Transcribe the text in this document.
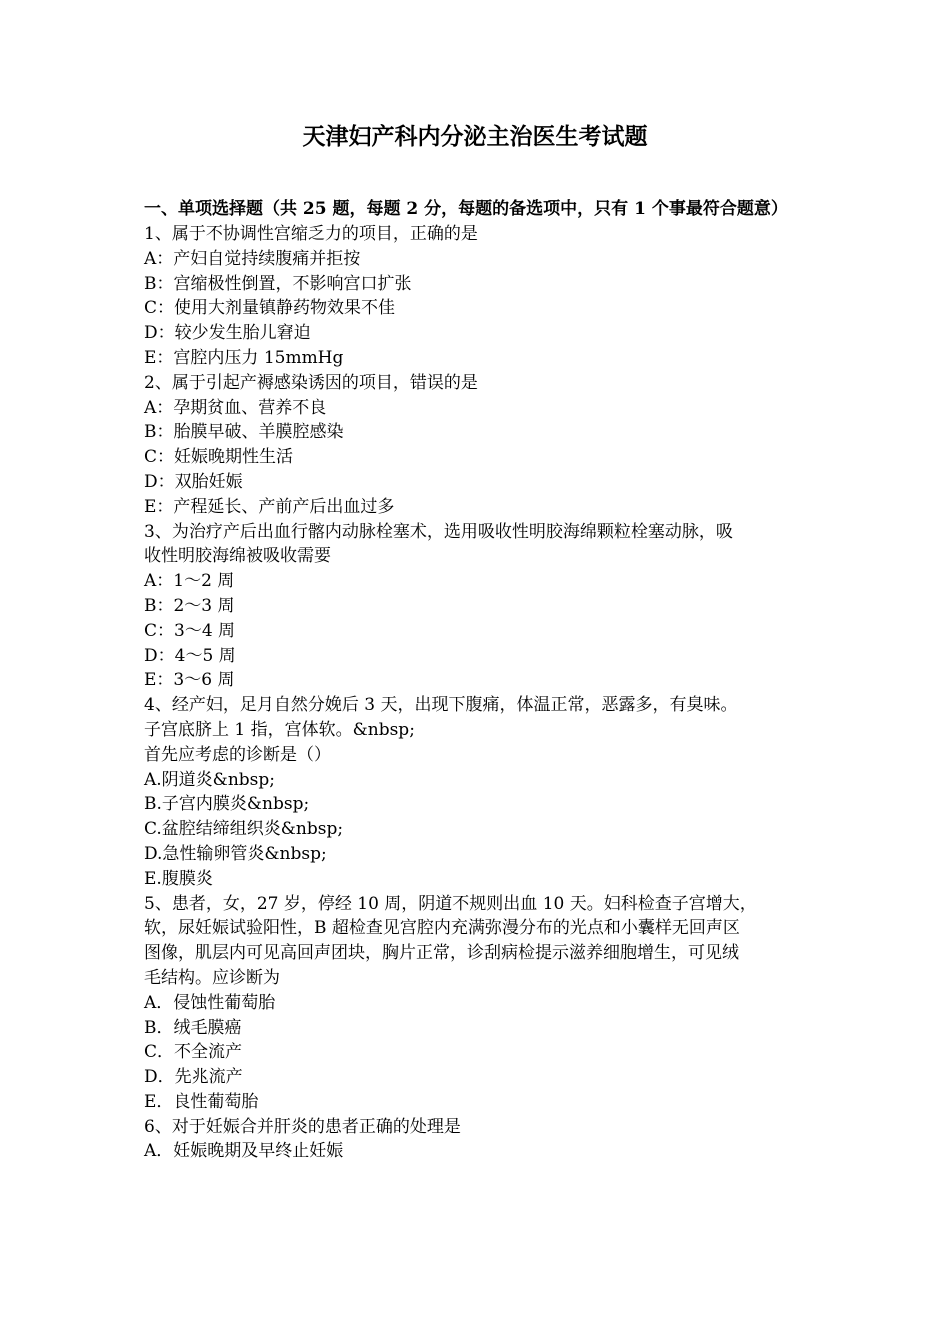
天津妇产科内分泌主治医生考试题

一、单项选择题（共 25 题，每题 2 分，每题的备选项中，只有 1 个事最符合题意）

1、属于不协调性宫缩乏力的项目，正确的是

A：产妇自觉持续腹痛并拒按

B：宫缩极性倒置，不影响宫口扩张

C：使用大剂量镇静药物效果不佳

D：较少发生胎儿窘迫

E：宫腔内压力 15mmHg

2、属于引起产褥感染诱因的项目，错误的是

A：孕期贫血、营养不良

B：胎膜早破、羊膜腔感染

C：妊娠晚期性生活

D：双胎妊娠

E：产程延长、产前产后出血过多

3、为治疗产后出血行髂内动脉栓塞术，选用吸收性明胶海绵颗粒栓塞动脉，吸

收性明胶海绵被吸收需要

A：1～2 周

B：2～3 周

C：3～4 周

D：4～5 周

E：3～6 周

4、经产妇，足月自然分娩后 3 天，出现下腹痛，体温正常，恶露多，有臭味。

子宫底脐上 1 指，宫体软。&nbsp;

首先应考虑的诊断是（）

A.阴道炎&nbsp;

B.子宫内膜炎&nbsp;

C.盆腔结缔组织炎&nbsp;

D.急性输卵管炎&nbsp;

E.腹膜炎

5、患者，女，27 岁，停经 10 周，阴道不规则出血 10 天。妇科检查子宫增大，

软，尿妊娠试验阳性，B 超检查见宫腔内充满弥漫分布的光点和小囊样无回声区

图像，肌层内可见高回声团块，胸片正常，诊刮病检提示滋养细胞增生，可见绒

毛结构。应诊断为

A．侵蚀性葡萄胎

B．绒毛膜癌

C．不全流产

D．先兆流产

E．良性葡萄胎

6、对于妊娠合并肝炎的患者正确的处理是

A．妊娠晚期及早终止妊娠
